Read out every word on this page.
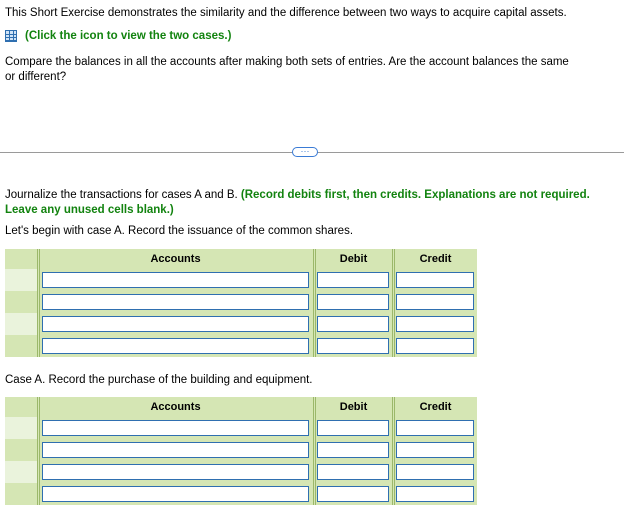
This Short Exercise demonstrates the similarity and the difference between two ways to acquire capital assets.
(Click the icon to view the two cases.)
Compare the balances in all the accounts after making both sets of entries. Are the account balances the same
or different?
···
Journalize the transactions for cases A and B. (Record debits first, then credits. Explanations are not required.
Leave any unused cells blank.)
Let's begin with case A. Record the issuance of the common shares.
Accounts	Debit	Credit
Case A. Record the purchase of the building and equipment.
Accounts	Debit	Credit
